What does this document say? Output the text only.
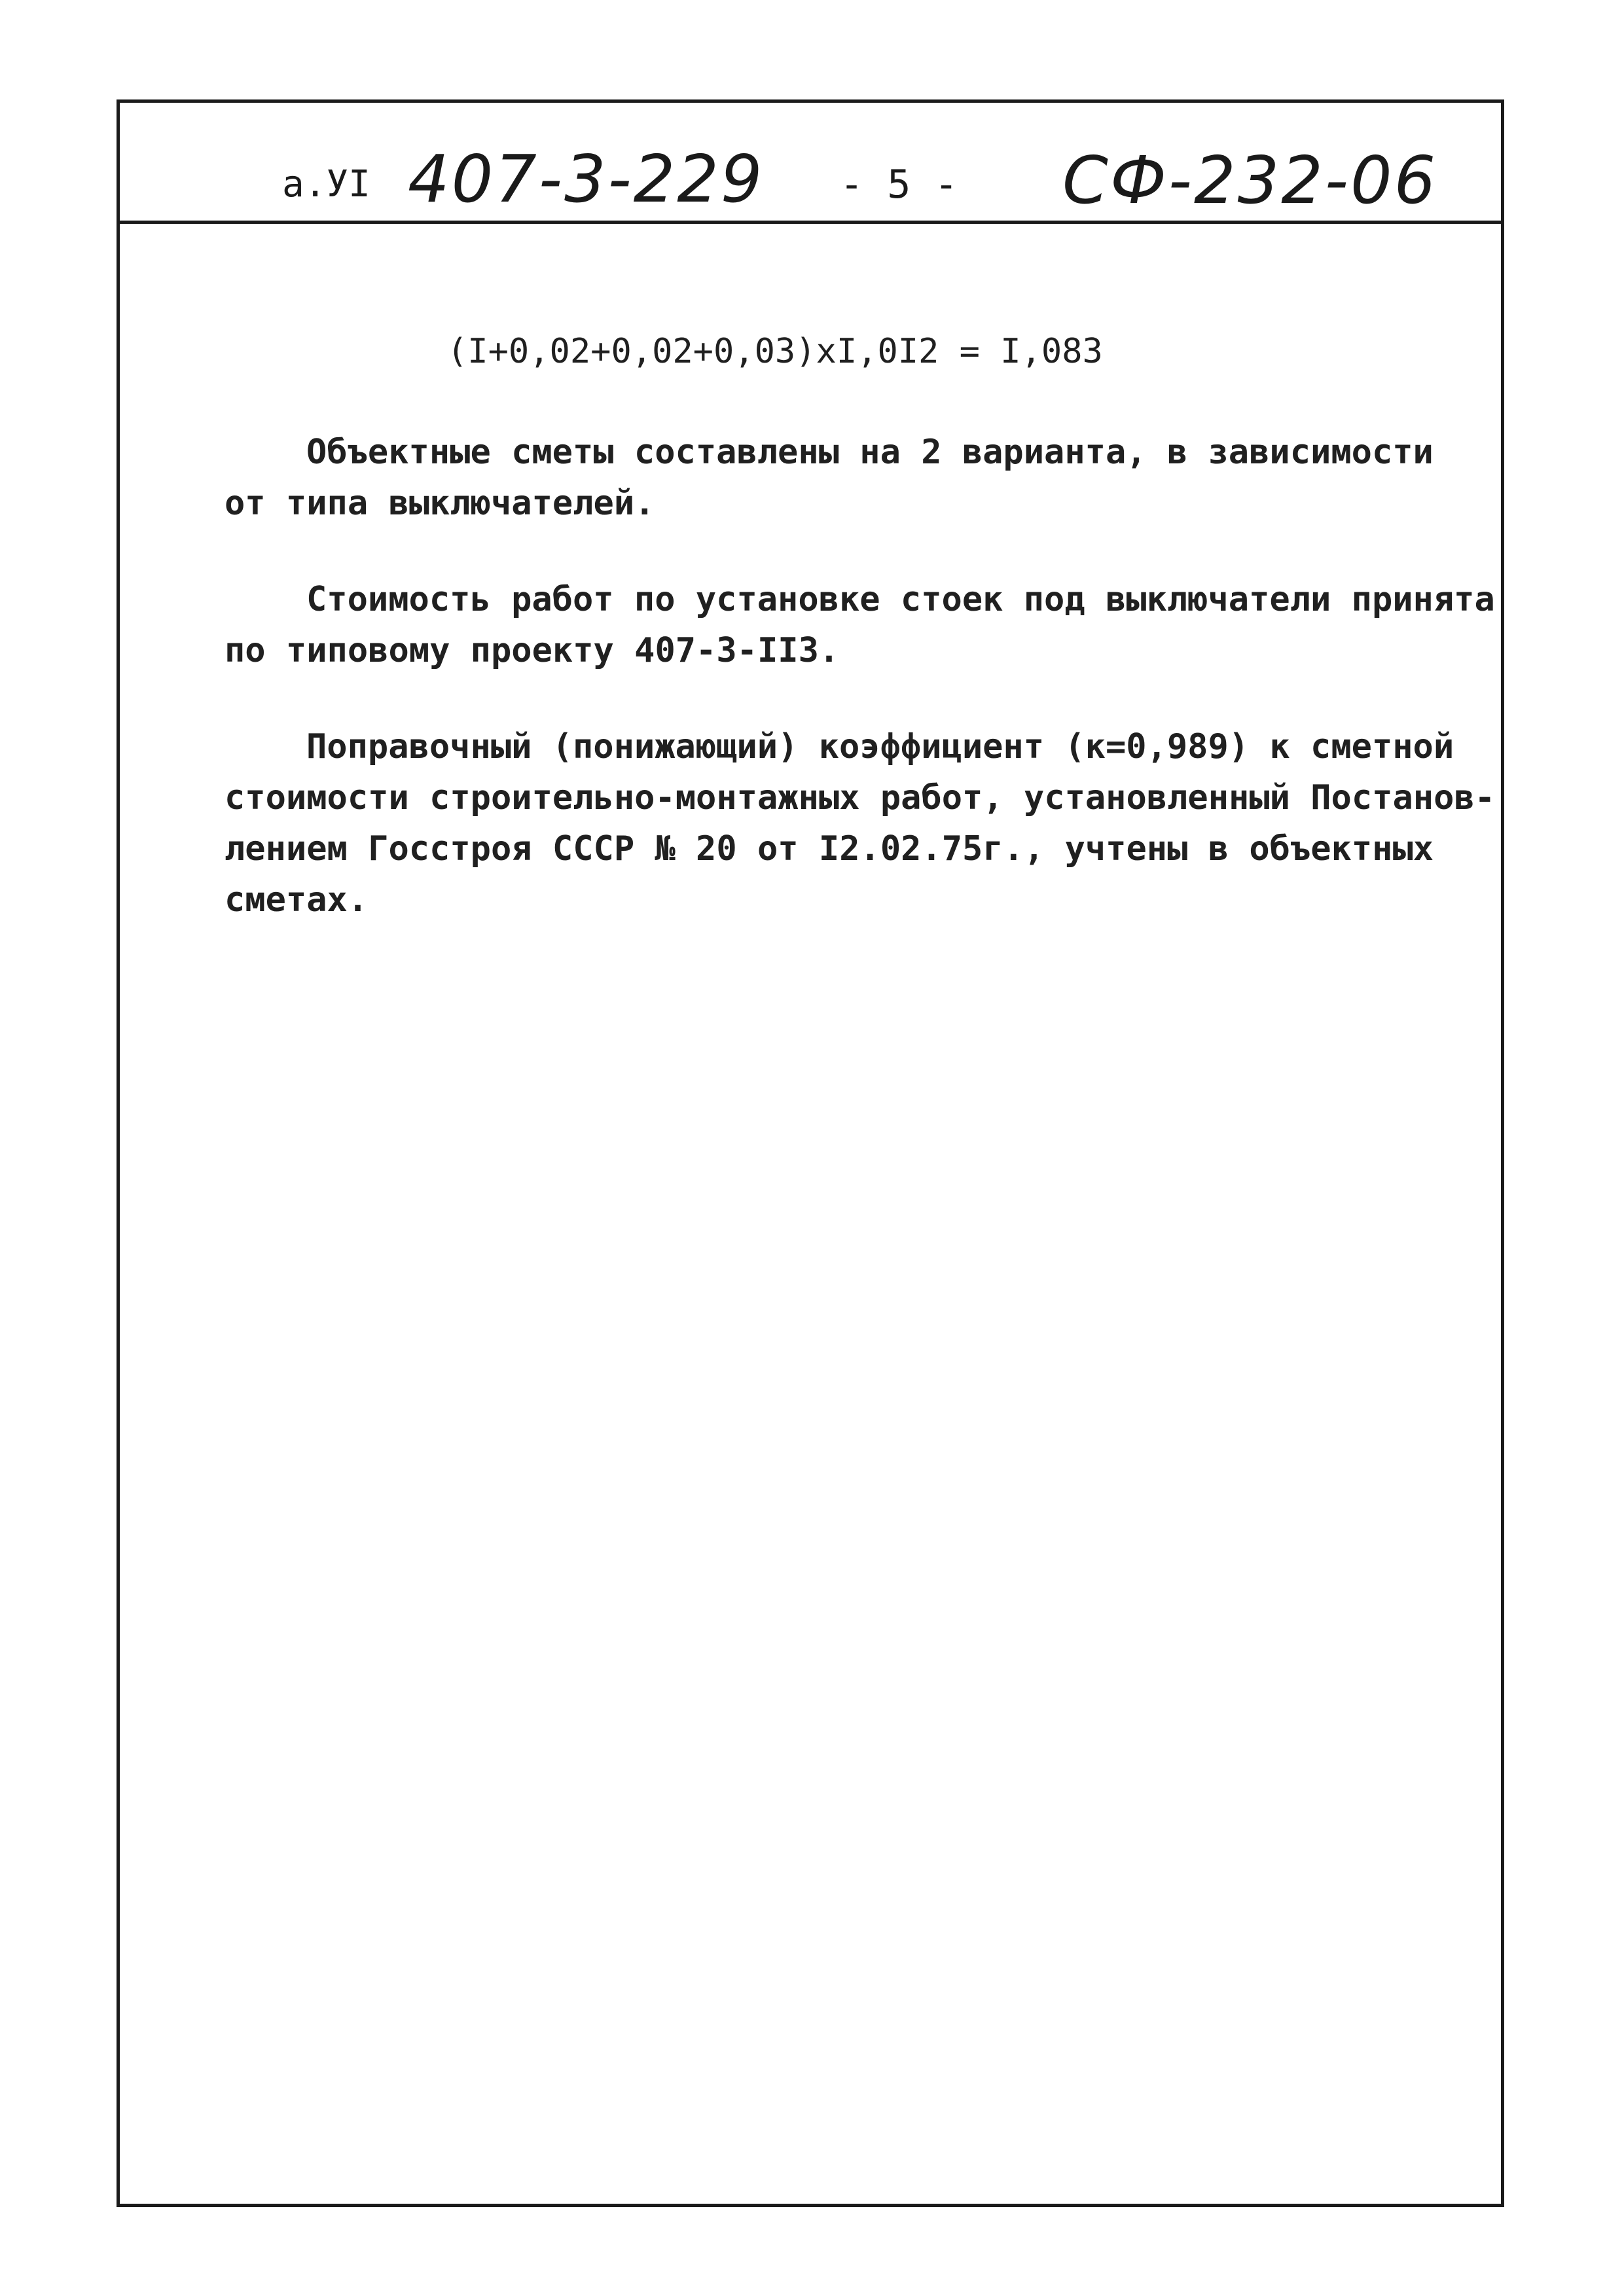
а.УI 407-3-229 - 5 - СФ-232-06
(I+0,02+0,02+0,03)xI,0I2 = I,083
Объектные сметы составлены на 2 варианта, в зависимости
от типа выключателей.
Стоимость работ по установке стоек под выключатели принята
по типовому проекту 407-3-II3.
Поправочный (понижающий) коэффициент (к=0,989) к сметной
стоимости строительно-монтажных работ, установленный Постанов-
лением Госстроя СССР № 20 от I2.02.75г., учтены в объектных
сметах.
